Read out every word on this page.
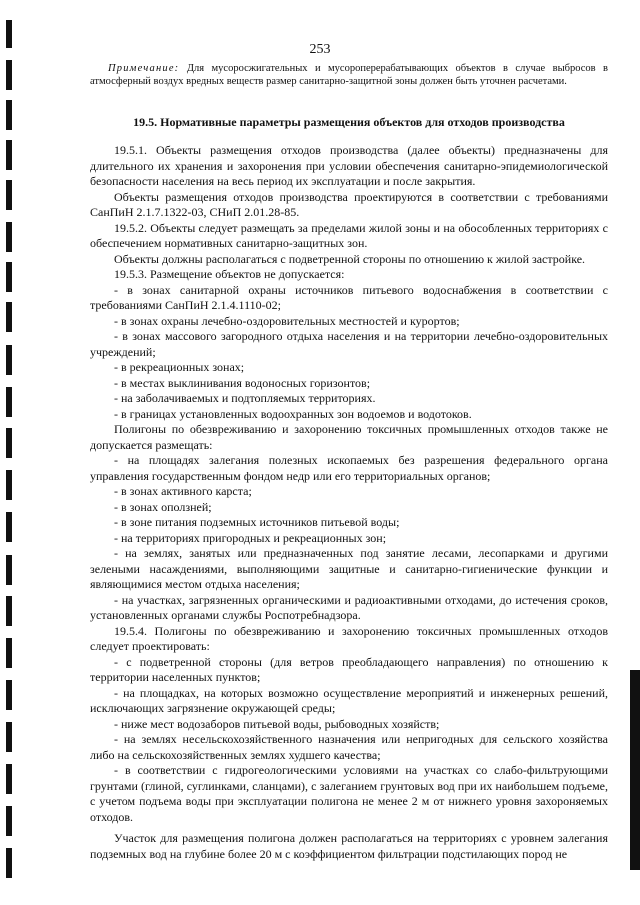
253

Примечание: Для мусоросжигательных и мусороперерабатывающих объектов в случае выбросов в атмосферный воздух вредных веществ размер санитарно-защитной зоны должен быть уточнен расчетами.

19.5. Нормативные параметры размещения объектов для отходов производства

19.5.1. Объекты размещения отходов производства (далее объекты) предназначены для длительного их хранения и захоронения при условии обеспечения санитарно-эпидемиологической безопасности населения на весь период их эксплуатации и после закрытия.

Объекты размещения отходов производства проектируются в соответствии с требованиями СанПиН 2.1.7.1322-03, СНиП 2.01.28-85.

19.5.2. Объекты следует размещать за пределами жилой зоны и на обособленных территориях с обеспечением нормативных санитарно-защитных зон.

Объекты должны располагаться с подветренной стороны по отношению к жилой застройке.

19.5.3. Размещение объектов не допускается:

- в зонах санитарной охраны источников питьевого водоснабжения в соответствии с требованиями СанПиН 2.1.4.1110-02;

- в зонах охраны лечебно-оздоровительных местностей и курортов;

- в зонах массового загородного отдыха населения и на территории лечебно-оздоровительных учреждений;

- в рекреационных зонах;

- в местах выклинивания водоносных горизонтов;

- на заболачиваемых и подтопляемых территориях.

- в границах установленных водоохранных зон водоемов и водотоков.

Полигоны по обезвреживанию и захоронению токсичных промышленных отходов также не допускается размещать:

- на площадях залегания полезных ископаемых без разрешения федерального органа управления государственным фондом недр или его территориальных органов;

- в зонах активного карста;

- в зонах оползней;

- в зоне питания подземных источников питьевой воды;

- на территориях пригородных и рекреационных зон;

- на землях, занятых или предназначенных под занятие лесами, лесопарками и другими зелеными насаждениями, выполняющими защитные и санитарно-гигиенические функции и являющимися местом отдыха населения;

- на участках, загрязненных органическими и радиоактивными отходами, до истечения сроков, установленных органами службы Роспотребнадзора.

19.5.4. Полигоны по обезвреживанию и захоронению токсичных промышленных отходов следует проектировать:

- с подветренной стороны (для ветров преобладающего направления) по отношению к территории населенных пунктов;

- на площадках, на которых возможно осуществление мероприятий и инженерных решений, исключающих загрязнение окружающей среды;

- ниже мест водозаборов питьевой воды, рыбоводных хозяйств;

- на землях несельскохозяйственного назначения или непригодных для сельского хозяйства либо на сельскохозяйственных землях худшего качества;

- в соответствии с гидрогеологическими условиями на участках со слабо-фильтрующими грунтами (глиной, суглинками, сланцами), с залеганием грунтовых вод при их наибольшем подъеме, с учетом подъема воды при эксплуатации полигона не менее 2 м от нижнего уровня захороняемых отходов.

Участок для размещения полигона должен располагаться на территориях с уровнем залегания подземных вод на глубине более 20 м с коэффициентом фильтрации подстилающих пород не
